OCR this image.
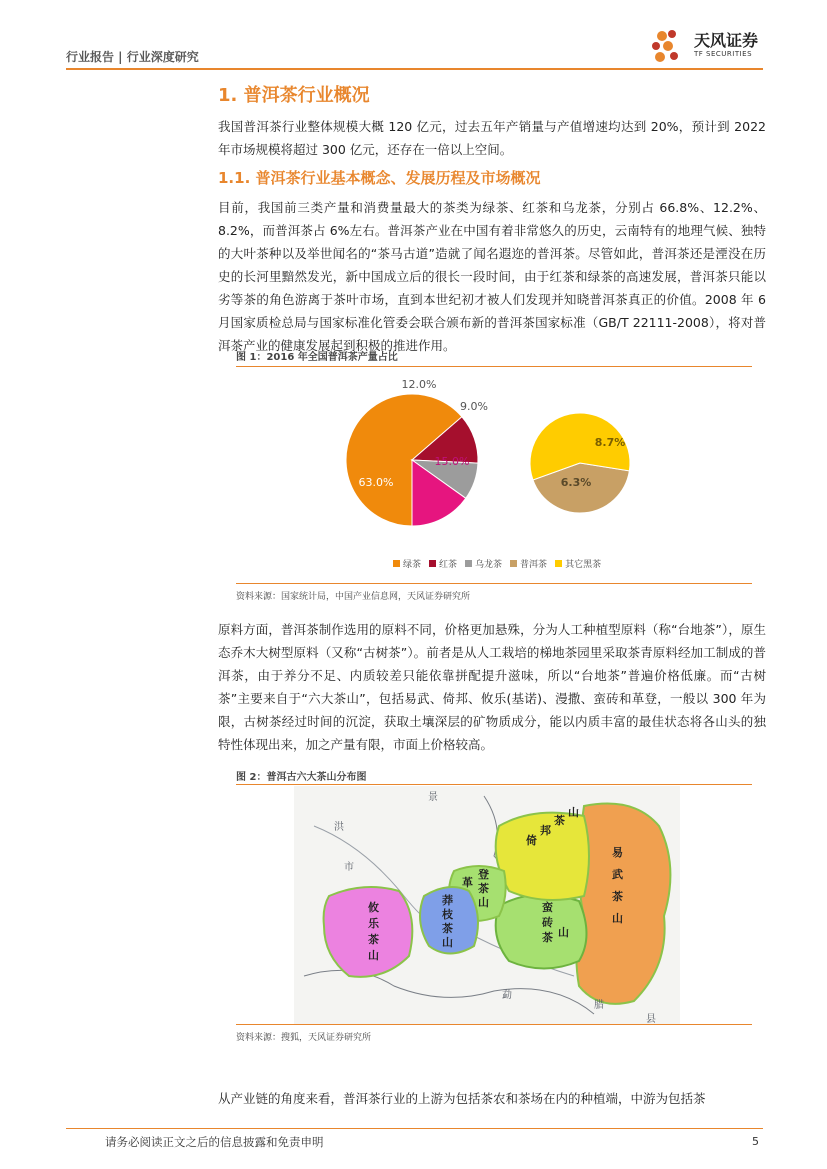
行业报告 | 行业深度研究
天风证券
TF SECURITIES
1. 普洱茶行业概况
我国普洱茶行业整体规模大概 120 亿元，过去五年产销量与产值增速均达到 20%，预计到 2022 年市场规模将超过 300 亿元，还存在一倍以上空间。
1.1. 普洱茶行业基本概念、发展历程及市场概况
目前，我国前三类产量和消费量最大的茶类为绿茶、红茶和乌龙茶，分别占 66.8%、12.2%、8.2%，而普洱茶占 6%左右。普洱茶产业在中国有着非常悠久的历史，云南特有的地理气候、独特的大叶茶种以及举世闻名的“茶马古道”造就了闻名遐迩的普洱茶。尽管如此，普洱茶还是湮没在历史的长河里黯然发光，新中国成立后的很长一段时间，由于红茶和绿茶的高速发展，普洱茶只能以劣等茶的角色游离于茶叶市场，直到本世纪初才被人们发现并知晓普洱茶真正的价值。2008 年 6 月国家质检总局与国家标准化管委会联合颁布新的普洱茶国家标准（GB/T 22111-2008），将对普洱茶产业的健康发展起到积极的推进作用。
图 1：2016 年全国普洱茶产量占比
63.0%
12.0%
9.0%
15.0%
6.3%
8.7%
绿茶 红茶 乌龙茶 普洱茶 其它黑茶
资料来源：国家统计局，中国产业信息网，天风证券研究所
原料方面，普洱茶制作选用的原料不同，价格更加悬殊，分为人工种植型原料（称“台地茶”），原生态乔木大树型原料（又称“古树茶”）。前者是从人工栽培的梯地茶园里采取茶青原料经加工制成的普洱茶，由于养分不足、内质较差只能依靠拼配提升滋味，所以“台地茶”普遍价格低廉。而“古树茶”主要来自于“六大茶山”，包括易武、倚邦、攸乐(基诺)、漫撒、蛮砖和革登，一般以 300 年为限，古树茶经过时间的沉淀，获取土壤深层的矿物质成分，能以内质丰富的最佳状态将各山头的独特性体现出来，加之产量有限，市面上价格较高。
图 2：普洱古六大茶山分布图
景
洪
市
勐
腊
县
攸
乐
茶
山
莽
枝
茶
山
革
登
茶
山
倚
邦
茶
山
蛮
砖
茶 山
易
武
茶
山
资料来源：搜狐，天风证券研究所
从产业链的角度来看，普洱茶行业的上游为包括茶农和茶场在内的种植端，中游为包括茶
请务必阅读正文之后的信息披露和免责申明	5
